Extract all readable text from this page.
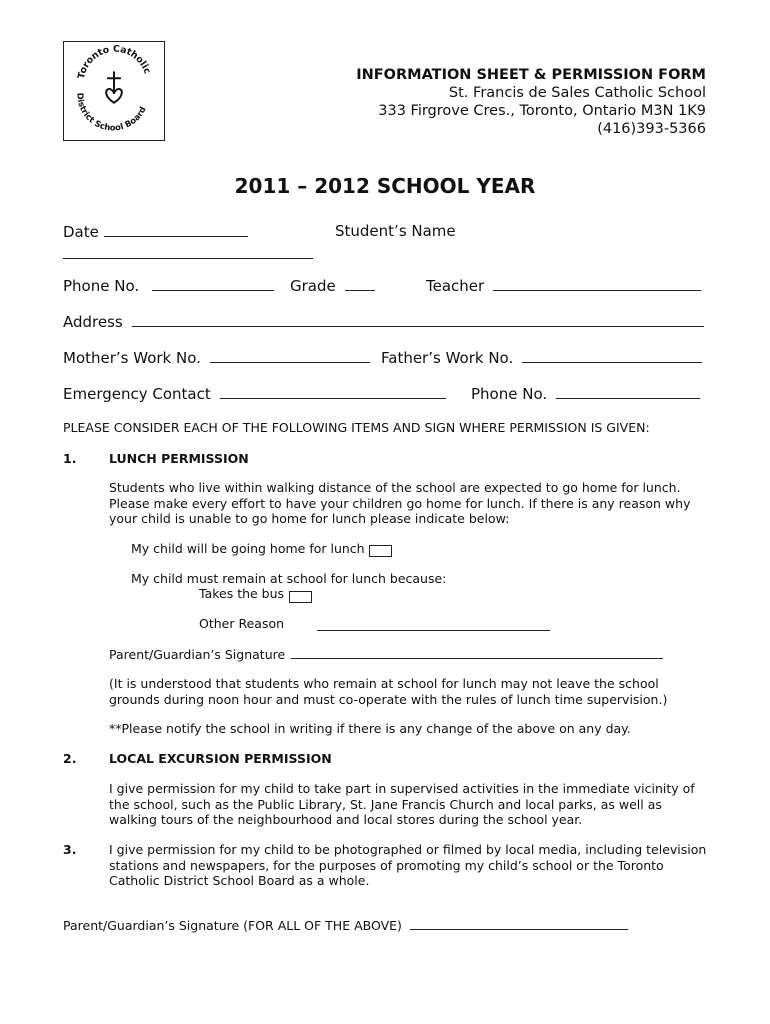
Toronto Catholic
District School Board
INFORMATION SHEET & PERMISSION FORM
St. Francis de Sales Catholic School
333 Firgrove Cres., Toronto, Ontario M3N 1K9
(416)393-5366
2011 – 2012 SCHOOL YEAR
Date	Student’s Name
Phone No.	Grade	Teacher
Address
Mother’s Work No.	Father’s Work No.
Emergency Contact	Phone No.
PLEASE CONSIDER EACH OF THE FOLLOWING ITEMS AND SIGN WHERE PERMISSION IS GIVEN:
1.	LUNCH PERMISSION
Students who live within walking distance of the school are expected to go home for lunch. Please make every effort to have your children go home for lunch. If there is any reason why your child is unable to go home for lunch please indicate below:
My child will be going home for lunch
My child must remain at school for lunch because:
Takes the bus
Other Reason
Parent/Guardian’s Signature
(It is understood that students who remain at school for lunch may not leave the school grounds during noon hour and must co-operate with the rules of lunch time supervision.)
**Please notify the school in writing if there is any change of the above on any day.
2.	LOCAL EXCURSION PERMISSION
I give permission for my child to take part in supervised activities in the immediate vicinity of the school, such as the Public Library, St. Jane Francis Church and local parks, as well as walking tours of the neighbourhood and local stores during the school year.
3.	I give permission for my child to be photographed or filmed by local media, including television stations and newspapers, for the purposes of promoting my child’s school or the Toronto Catholic District School Board as a whole.
Parent/Guardian’s Signature (FOR ALL OF THE ABOVE)
